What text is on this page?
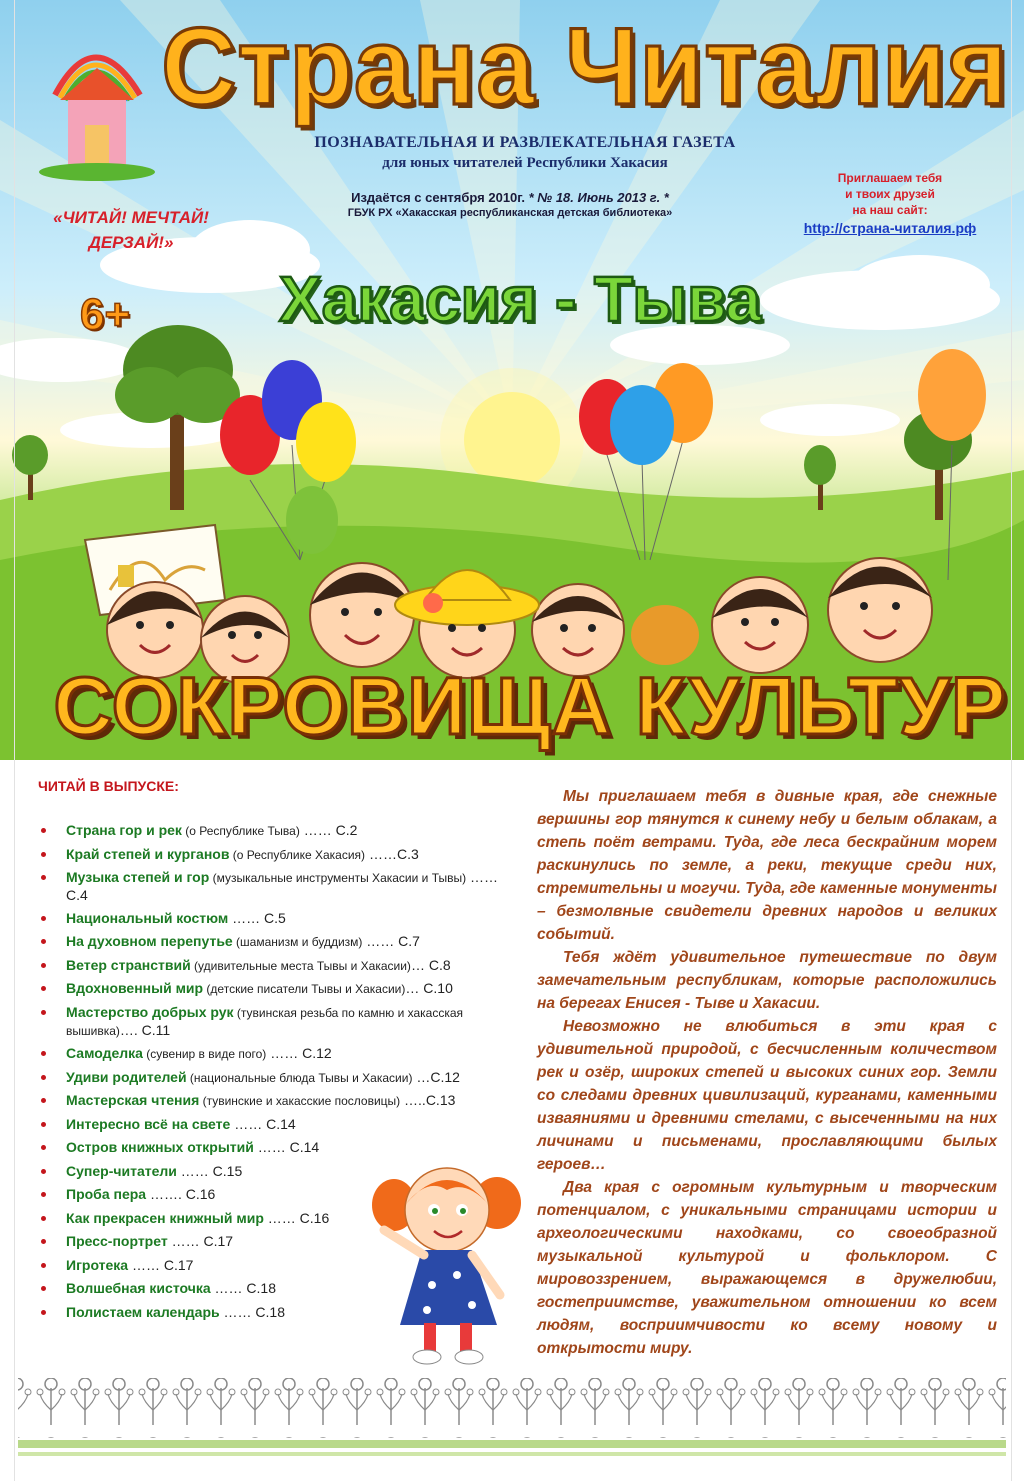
Страна Читалия
ПОЗНАВАТЕЛЬНАЯ И РАЗВЛЕКАТЕЛЬНАЯ ГАЗЕТА
для юных читателей Республики Хакасия
Издаётся с сентября 2010г. * № 18. Июнь 2013 г. *
ГБУК РХ «Хакасская республиканская детская библиотека»
«ЧИТАЙ! МЕЧТАЙ!
ДЕРЗАЙ!»
6+
Приглашаем тебя
и твоих друзей
на наш сайт:
http://страна-читалия.рф
Хакасия - Тыва
СОКРОВИЩА КУЛЬТУР
ЧИТАЙ В ВЫПУСКЕ:
Страна гор и рек (о Республике Тыва) …… С.2
Край степей и курганов (о Республике Хакасия) ……С.3
Музыка степей и гор (музыкальные инструменты Хакасии и Тывы) …… С.4
Национальный костюм …… С.5
На духовном перепутье (шаманизм и буддизм) …… С.7
Ветер странствий (удивительные места Тывы и Хакасии)… С.8
Вдохновенный мир (детские писатели Тывы и Хакасии)… С.10
Мастерство добрых рук (тувинская резьба по камню и хакасская вышивка)…. С.11
Самоделка (сувенир в виде пого) …… С.12
Удиви родителей (национальные блюда Тывы и Хакасии) …С.12
Мастерская чтения (тувинские и хакасские пословицы) …..С.13
Интересно всё на свете …… С.14
Остров книжных открытий …… С.14
Супер-читатели …… С.15
Проба пера ……. С.16
Как прекрасен книжный мир …… С.16
Пресс-портрет …… С.17
Игротека …… С.17
Волшебная кисточка …… С.18
Полистаем календарь …… С.18

Мы приглашаем тебя в дивные края, где снежные вершины гор тянутся к синему небу и белым облакам, а степь поёт ветрами. Туда, где леса бескрайним морем раскинулись по земле, а реки, текущие среди них, стремительны и могучи. Туда, где каменные монументы – безмолвные свидетели древних народов и великих событий.

Тебя ждёт удивительное путешествие по двум замечательным республикам, которые расположились на берегах Енисея - Тыве и Хакасии.

Невозможно не влюбиться в эти края с удивительной природой, с бесчисленным количеством рек и озёр, широких степей и высоких синих гор. Земли со следами древних цивилизаций, курганами, каменными изваяниями и древними стелами, с высеченными на них личинами и письменами, прославляющими былых героев…

Два края с огромным культурным и творческим потенциалом, с уникальными страницами истории и археологическими находками, со своеобразной музыкальной культурой и фольклором. С мировоззрением, выражающемся в дружелюбии, гостеприимстве, уважительном отношении ко всем людям, восприимчивости ко всему новому и открытости миру.
